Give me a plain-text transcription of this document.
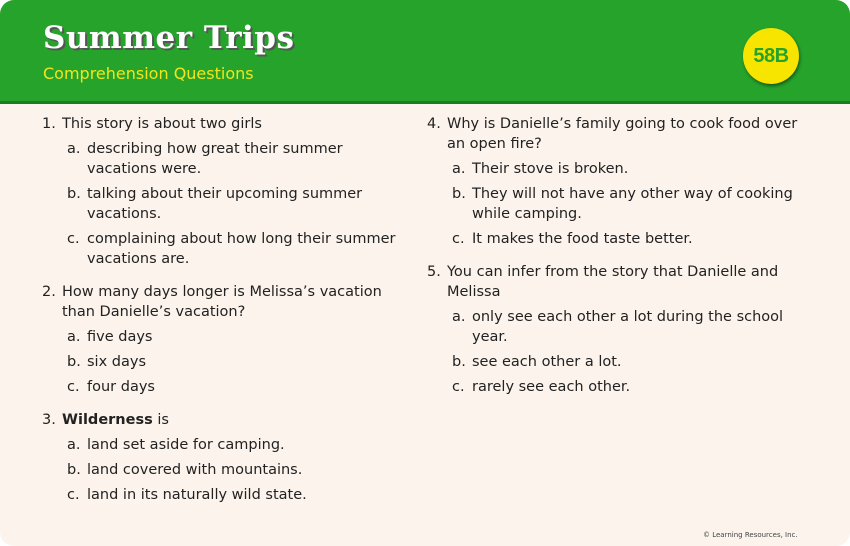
Summer Trips
Comprehension Questions
58B
1. This story is about two girls
a. describing how great their summer vacations were.
b. talking about their upcoming summer vacations.
c. complaining about how long their summer vacations are.
2. How many days longer is Melissa’s vacation than Danielle’s vacation?
a. five days
b. six days
c. four days
3. Wilderness is
a. land set aside for camping.
b. land covered with mountains.
c. land in its naturally wild state.
4. Why is Danielle’s family going to cook food over an open fire?
a. Their stove is broken.
b. They will not have any other way of cooking while camping.
c. It makes the food taste better.
5. You can infer from the story that Danielle and Melissa
a. only see each other a lot during the school year.
b. see each other a lot.
c. rarely see each other.
© Learning Resources, Inc.
